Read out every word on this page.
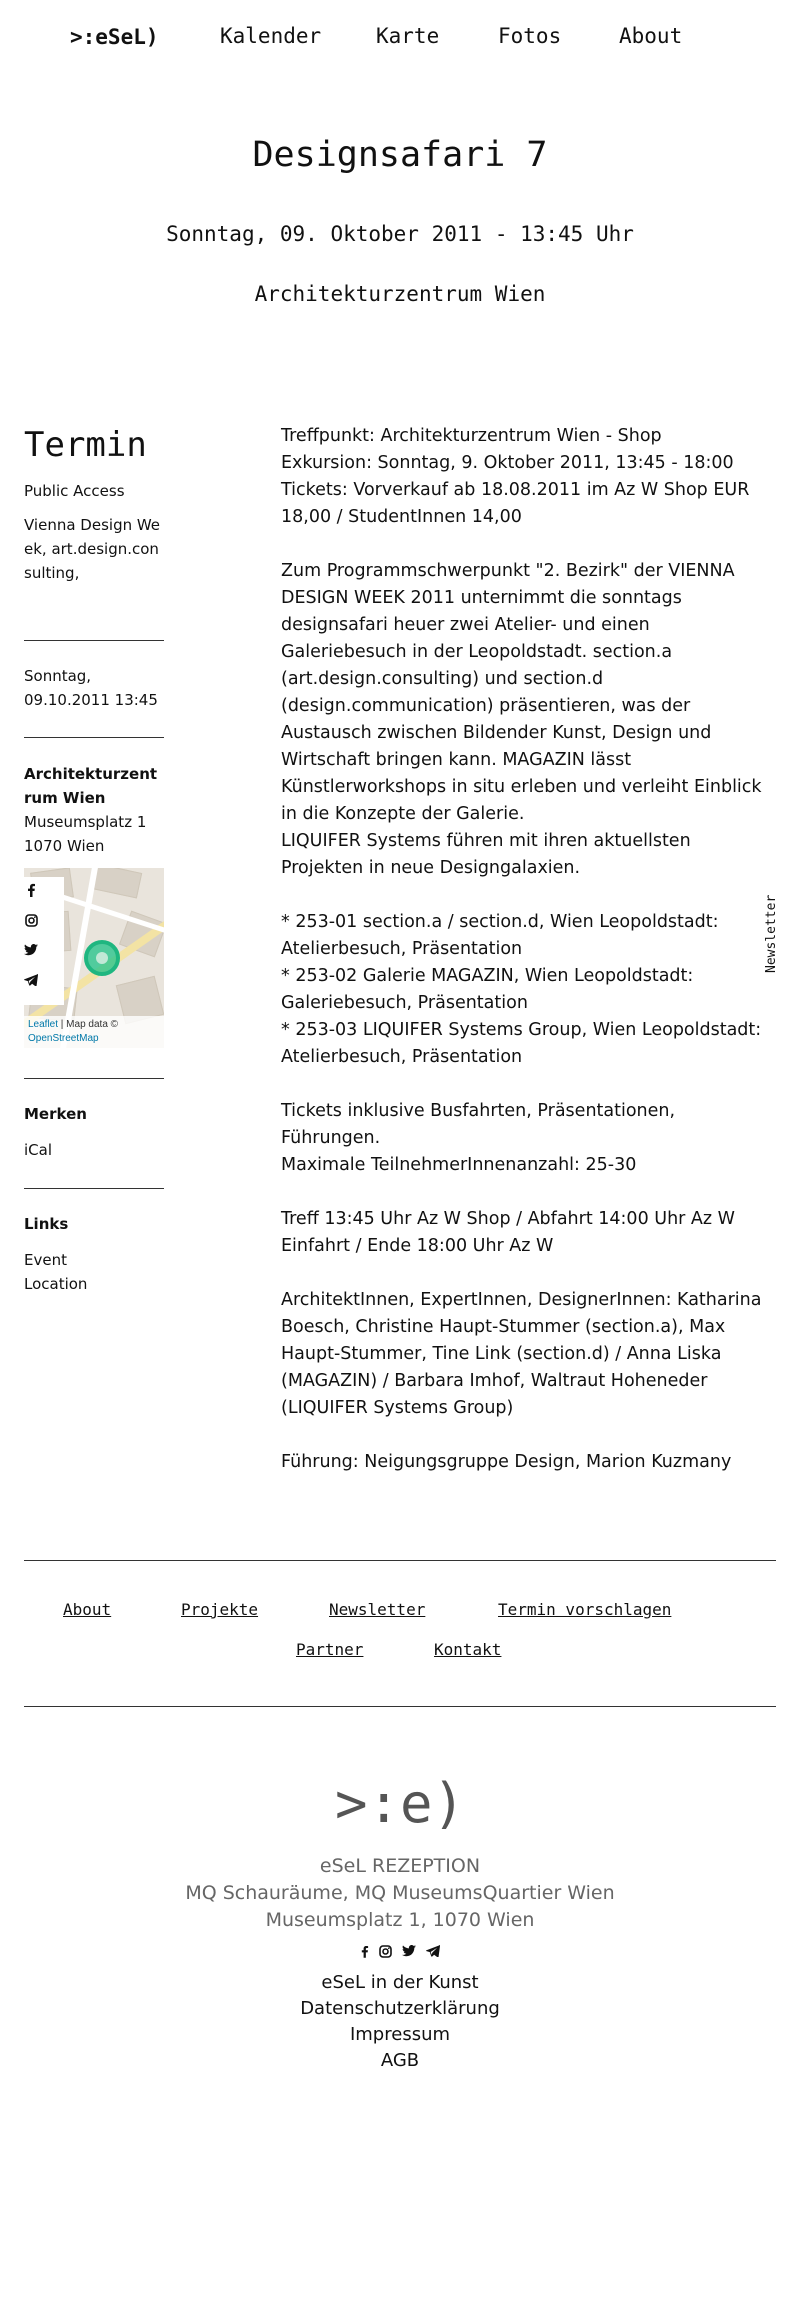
>:eSeL)	Kalender	Karte	Fotos	About
Designsafari 7
Sonntag, 09. Oktober 2011 - 13:45 Uhr
Architekturzentrum Wien
Termin
Public Access
Vienna Design Week, art.design.consulting,
Sonntag,
09.10.2011 13:45
Architekturzentrum Wien
Museumsplatz 1
1070 Wien
Leaflet | Map data ©
OpenStreetMap
Merken
iCal
Links
Event
Location

Treffpunkt: Architekturzentrum Wien - Shop
Exkursion: Sonntag, 9. Oktober 2011, 13:45 - 18:00
Tickets: Vorverkauf ab 18.08.2011 im Az W Shop EUR 18,00 / StudentInnen 14,00

Zum Programmschwerpunkt "2. Bezirk" der VIENNA DESIGN WEEK 2011 unternimmt die sonntags designsafari heuer zwei Atelier- und einen Galeriebesuch in der Leopoldstadt. section.a (art.design.consulting) und section.d (design.communication) präsentieren, was der Austausch zwischen Bildender Kunst, Design und Wirtschaft bringen kann. MAGAZIN lässt Künstlerworkshops in situ erleben und verleiht Einblick in die Konzepte der Galerie.
LIQUIFER Systems führen mit ihren aktuellsten Projekten in neue Designgalaxien.

* 253-01 section.a / section.d, Wien Leopoldstadt: Atelierbesuch, Präsentation
* 253-02 Galerie MAGAZIN, Wien Leopoldstadt: Galeriebesuch, Präsentation
* 253-03 LIQUIFER Systems Group, Wien Leopoldstadt: Atelierbesuch, Präsentation

Tickets inklusive Busfahrten, Präsentationen, Führungen.
Maximale TeilnehmerInnenanzahl: 25-30

Treff 13:45 Uhr Az W Shop / Abfahrt 14:00 Uhr Az W Einfahrt / Ende 18:00 Uhr Az W

ArchitektInnen, ExpertInnen, DesignerInnen: Katharina Boesch, Christine Haupt-Stummer (section.a), Max Haupt-Stummer, Tine Link (section.d) / Anna Liska (MAGAZIN) / Barbara Imhof, Waltraut Hoheneder (LIQUIFER Systems Group)

Führung: Neigungsgruppe Design, Marion Kuzmany

Newsletter
About	Projekte	Newsletter	Termin vorschlagen
Partner	Kontakt
>:e)
eSeL REZEPTION
MQ Schauräume, MQ MuseumsQuartier Wien
Museumsplatz 1, 1070 Wien
eSeL in der Kunst
Datenschutzerklärung
Impressum
AGB
